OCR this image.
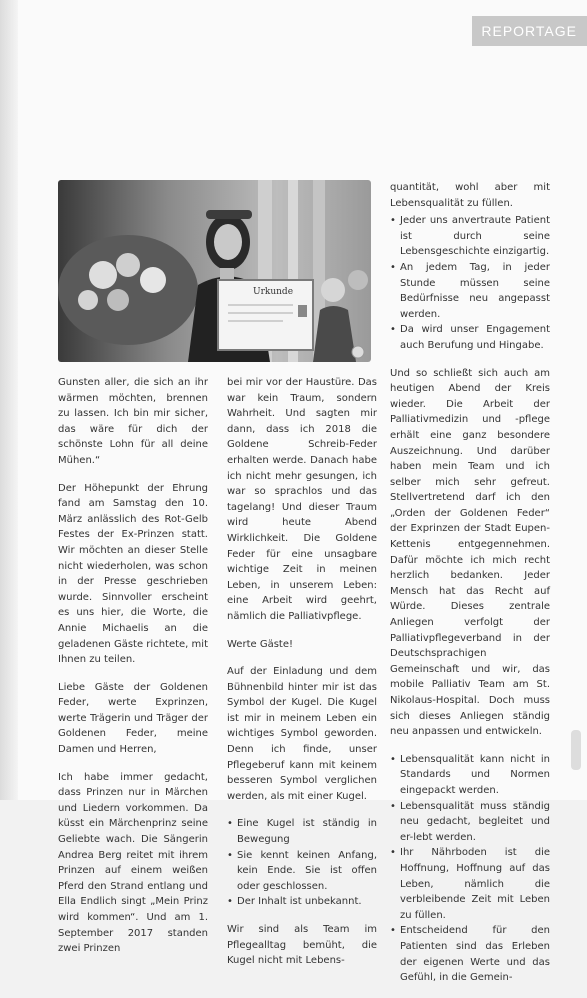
REPORTAGE
Urkunde

Gunsten aller, die sich an ihr wärmen möchten, brennen zu lassen. Ich bin mir sicher, das wäre für dich der schönste Lohn für all deine Mühen.“

Der Höhepunkt der Ehrung fand am Samstag den 10. März anlässlich des Rot-Gelb Festes der Ex-Prinzen statt. Wir möchten an dieser Stelle nicht wiederholen, was schon in der Presse geschrieben wurde. Sinnvoller erscheint es uns hier, die Worte, die Annie Michaelis an die geladenen Gäste richtete, mit Ihnen zu teilen.

Liebe Gäste der Goldenen Feder, werte Exprinzen, werte Trägerin und Träger der Goldenen Feder, meine Damen und Herren,

Ich habe immer gedacht, dass Prinzen nur in Märchen und Liedern vorkommen. Da küsst ein Märchenprinz seine Geliebte wach. Die Sängerin Andrea Berg reitet mit ihrem Prinzen auf einem weißen Pferd den Strand entlang und Ella Endlich singt „Mein Prinz wird kommen“. Und am 1. September 2017 standen zwei Prinzen

bei mir vor der Haustüre. Das war kein Traum, sondern Wahrheit. Und sagten mir dann, dass ich 2018 die Goldene Schreib-Feder erhalten werde. Danach habe ich nicht mehr gesungen, ich war so sprachlos und das tagelang! Und dieser Traum wird heute Abend Wirklichkeit. Die Goldene Feder für eine unsagbare wichtige Zeit in meinen Leben, in unserem Leben: eine Arbeit wird geehrt, nämlich die Palliativpflege.

Werte Gäste!

Auf der Einladung und dem Bühnenbild hinter mir ist das Symbol der Kugel. Die Kugel ist mir in meinem Leben ein wichtiges Symbol geworden. Denn ich finde, unser Pflegeberuf kann mit keinem besseren Symbol verglichen werden, als mit einer Kugel.

• Eine Kugel ist ständig in Bewegung
• Sie kennt keinen Anfang, kein Ende. Sie ist offen oder geschlossen.
• Der Inhalt ist unbekannt.

Wir sind als Team im Pflegealltag bemüht, die Kugel nicht mit Lebens-

quantität, wohl aber mit Lebensqualität zu füllen.

• Jeder uns anvertraute Patient ist durch seine Lebensgeschichte einzigartig.
• An jedem Tag, in jeder Stunde müssen seine Bedürfnisse neu angepasst werden.
• Da wird unser Engagement auch Berufung und Hingabe.

Und so schließt sich auch am heutigen Abend der Kreis wieder. Die Arbeit der Palliativmedizin und -pflege erhält eine ganz besondere Auszeichnung. Und darüber haben mein Team und ich selber mich sehr gefreut. Stellvertretend darf ich den „Orden der Goldenen Feder“ der Exprinzen der Stadt Eupen-Kettenis entgegennehmen. Dafür möchte ich mich recht herzlich bedanken. Jeder Mensch hat das Recht auf Würde. Dieses zentrale Anliegen verfolgt der Palliativpflegeverband in der Deutschsprachigen Gemeinschaft und wir, das mobile Palliativ Team am St. Nikolaus-Hospital. Doch muss sich dieses Anliegen ständig neu anpassen und entwickeln.

• Lebensqualität kann nicht in Standards und Normen eingepackt werden.
• Lebensqualität muss ständig neu gedacht, begleitet und er-lebt werden.
• Ihr Nährboden ist die Hoffnung, Hoffnung auf das Leben, nämlich die verbleibende Zeit mit Leben zu füllen.
• Entscheidend für den Patienten sind das Erleben der eigenen Werte und das Gefühl, in die Gemein-
